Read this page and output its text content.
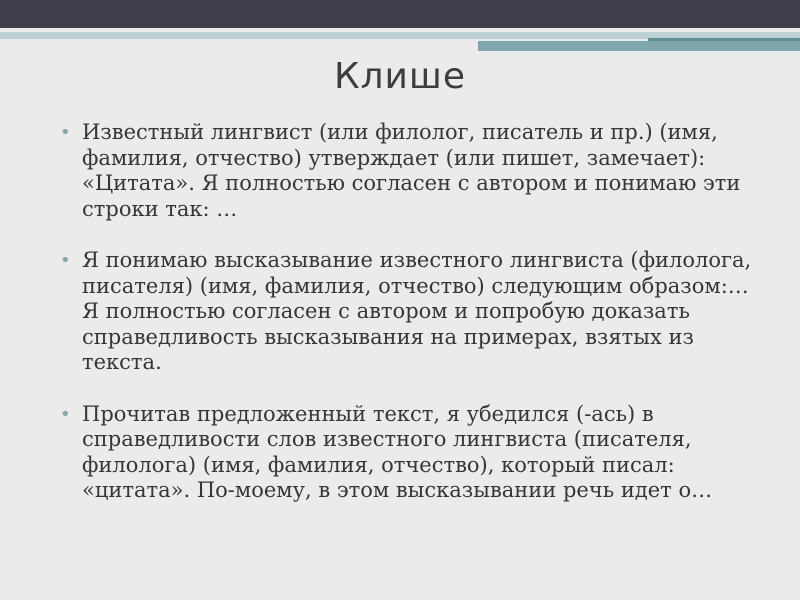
Клише
• Известный лингвист (или филолог, писатель и пр.) (имя, фамилия, отчество) утверждает (или пишет, замечает): «Цитата». Я полностью согласен с автором и понимаю эти строки так: …
• Я понимаю высказывание известного лингвиста (филолога, писателя) (имя, фамилия, отчество) следующим образом:… Я полностью согласен с автором и попробую доказать справедливость высказывания на примерах, взятых из текста.
• Прочитав предложенный текст, я убедился (-ась) в справедливости слов известного лингвиста (писателя, филолога) (имя, фамилия, отчество), который писал: «цитата». По-моему, в этом высказывании речь идет о…
